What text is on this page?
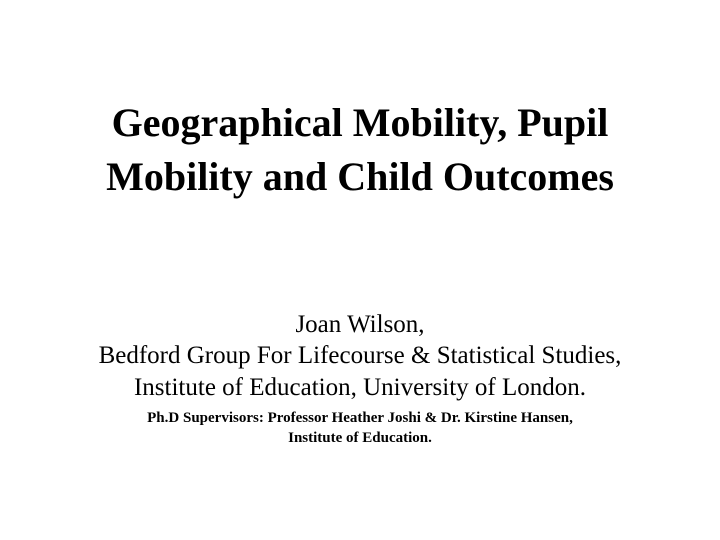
Geographical Mobility, Pupil
Mobility and Child Outcomes

Joan Wilson,

Bedford Group For Lifecourse & Statistical Studies,

Institute of Education, University of London.

Ph.D Supervisors: Professor Heather Joshi & Dr. Kirstine Hansen,

Institute of Education.
